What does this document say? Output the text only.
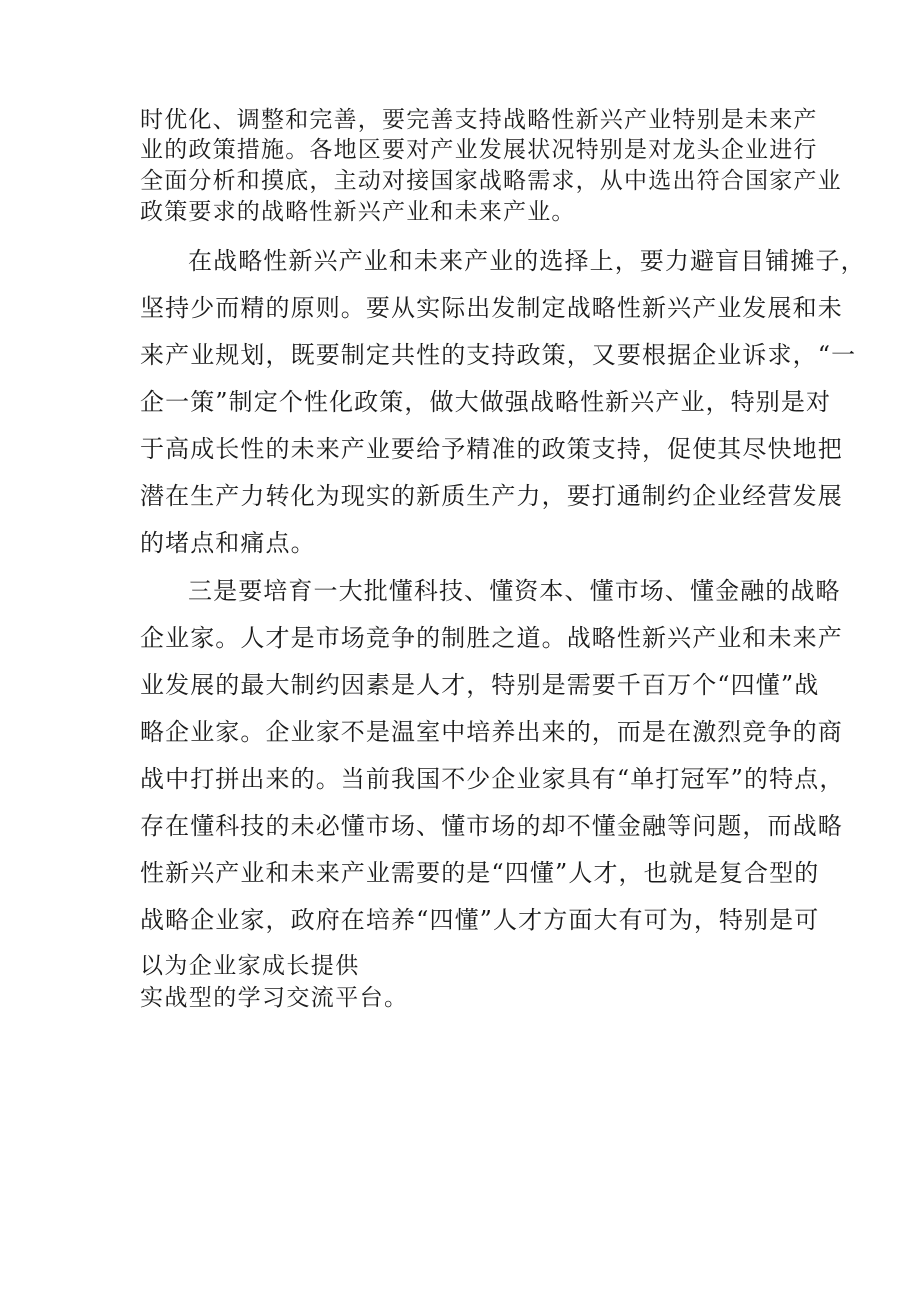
时优化、调整和完善，要完善支持战略性新兴产业特别是未来产
业的政策措施。各地区要对产业发展状况特别是对龙头企业进行
全面分析和摸底，主动对接国家战略需求，从中选出符合国家产业
政策要求的战略性新兴产业和未来产业。
在战略性新兴产业和未来产业的选择上，要力避盲目铺摊子，
坚持少而精的原则。要从实际出发制定战略性新兴产业发展和未
来产业规划，既要制定共性的支持政策，又要根据企业诉求，“一
企一策”制定个性化政策，做大做强战略性新兴产业，特别是对
于高成长性的未来产业要给予精准的政策支持，促使其尽快地把
潜在生产力转化为现实的新质生产力，要打通制约企业经营发展
的堵点和痛点。
三是要培育一大批懂科技、懂资本、懂市场、懂金融的战略
企业家。人才是市场竞争的制胜之道。战略性新兴产业和未来产
业发展的最大制约因素是人才，特别是需要千百万个“四懂”战
略企业家。企业家不是温室中培养出来的，而是在激烈竞争的商
战中打拼出来的。当前我国不少企业家具有“单打冠军”的特点，
存在懂科技的未必懂市场、懂市场的却不懂金融等问题，而战略
性新兴产业和未来产业需要的是“四懂”人才，也就是复合型的
战略企业家，政府在培养“四懂”人才方面大有可为，特别是可
以为企业家成长提供
实战型的学习交流平台。
